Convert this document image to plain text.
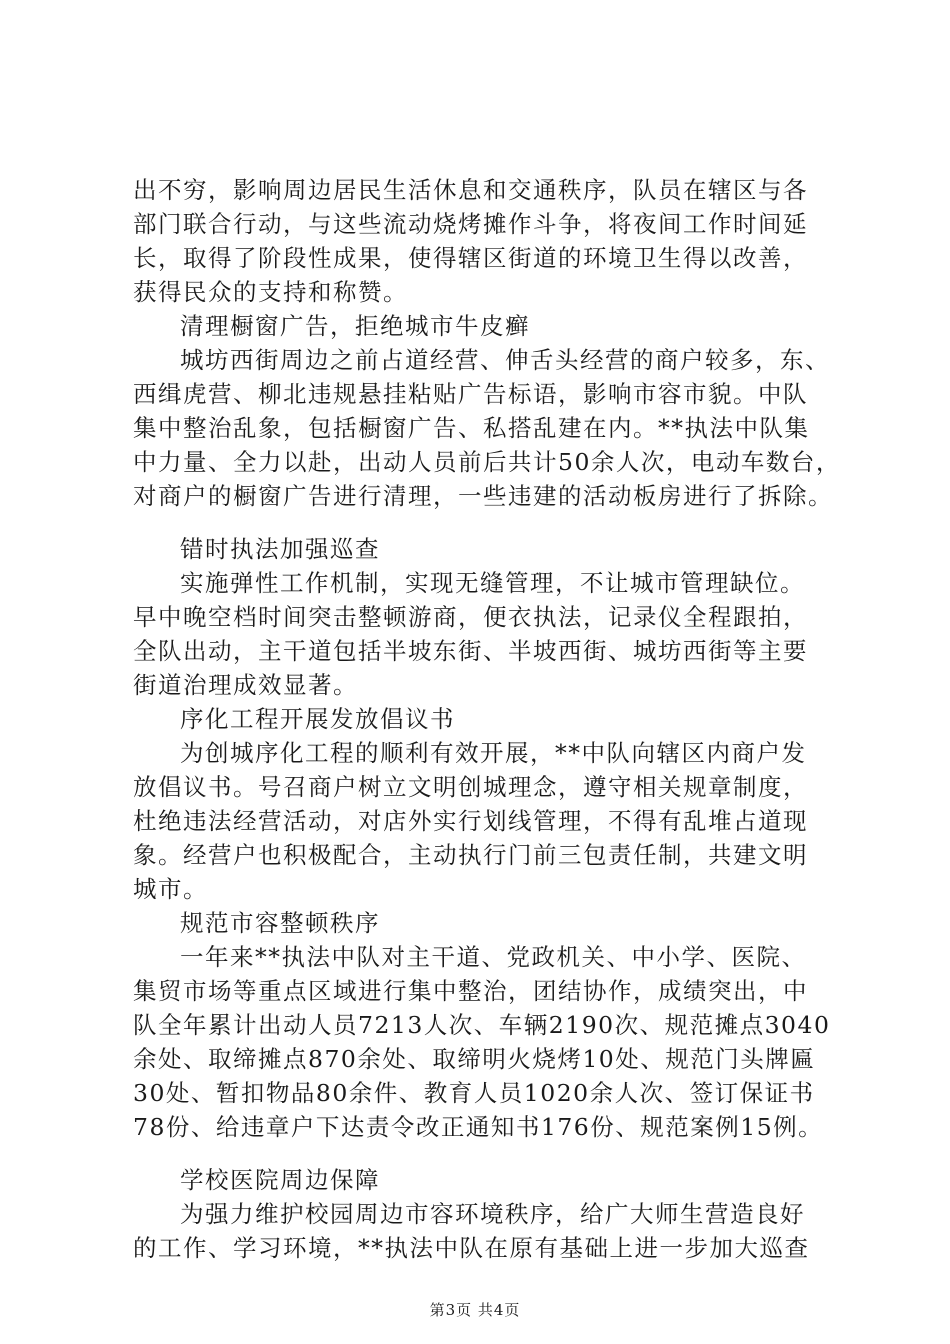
出不穷，影响周边居民生活休息和交通秩序，队员在辖区与各
部门联合行动，与这些流动烧烤摊作斗争，将夜间工作时间延
长，取得了阶段性成果，使得辖区街道的环境卫生得以改善，
获得民众的支持和称赞。
清理橱窗广告，拒绝城市牛皮癣
城坊西街周边之前占道经营、伸舌头经营的商户较多，东、
西缉虎营、柳北违规悬挂粘贴广告标语，影响市容市貌。中队
集中整治乱象，包括橱窗广告、私搭乱建在内。**执法中队集
中力量、全力以赴，出动人员前后共计50余人次，电动车数台，
对商户的橱窗广告进行清理，一些违建的活动板房进行了拆除。
错时执法加强巡查
实施弹性工作机制，实现无缝管理，不让城市管理缺位。
早中晚空档时间突击整顿游商，便衣执法，记录仪全程跟拍，
全队出动，主干道包括半坡东街、半坡西街、城坊西街等主要
街道治理成效显著。
序化工程开展发放倡议书
为创城序化工程的顺利有效开展，**中队向辖区内商户发
放倡议书。号召商户树立文明创城理念，遵守相关规章制度，
杜绝违法经营活动，对店外实行划线管理，不得有乱堆占道现
象。经营户也积极配合，主动执行门前三包责任制，共建文明
城市。
规范市容整顿秩序
一年来**执法中队对主干道、党政机关、中小学、医院、
集贸市场等重点区域进行集中整治，团结协作，成绩突出，中
队全年累计出动人员7213人次、车辆2190次、规范摊点3040
余处、取缔摊点870余处、取缔明火烧烤10处、规范门头牌匾
30处、暂扣物品80余件、教育人员1020余人次、签订保证书
78份、给违章户下达责令改正通知书176份、规范案例15例。
学校医院周边保障
为强力维护校园周边市容环境秩序，给广大师生营造良好
的工作、学习环境，**执法中队在原有基础上进一步加大巡查
第3页 共4页
